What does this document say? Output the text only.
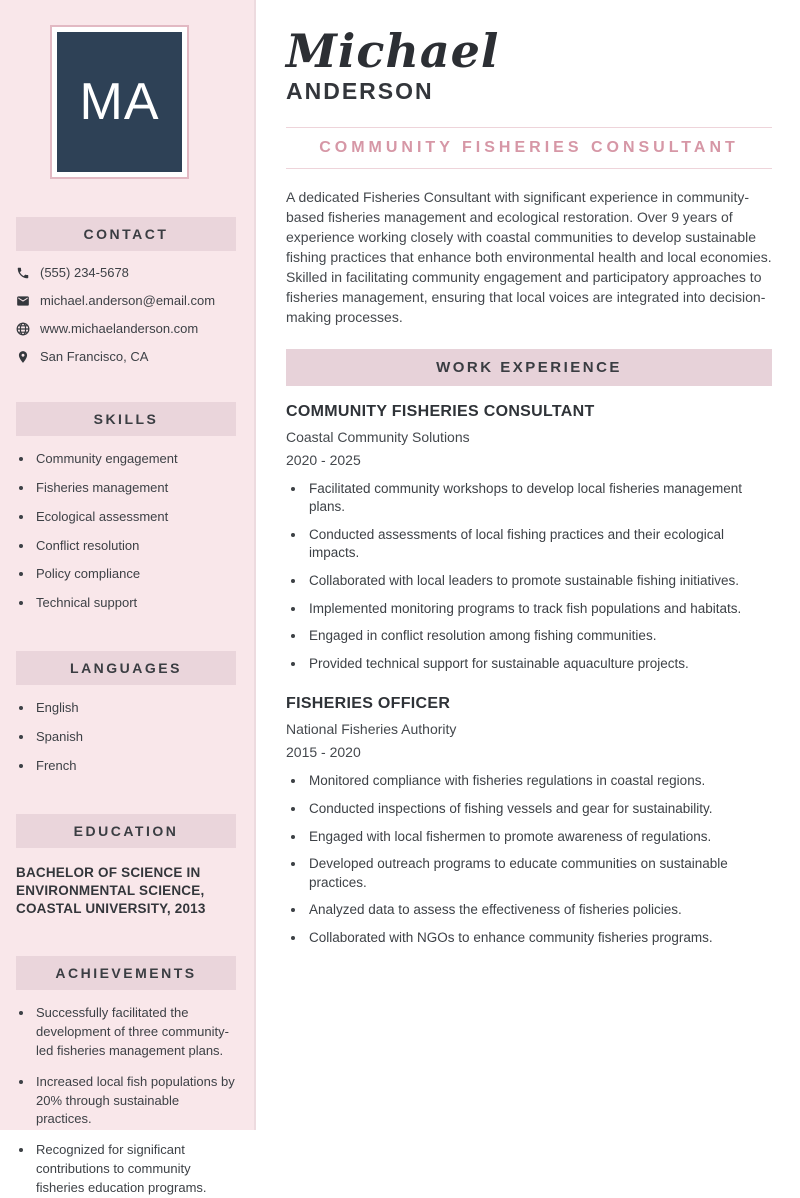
MA
CONTACT
(555) 234-5678
michael.anderson@email.com
www.michaelanderson.com
San Francisco, CA
SKILLS
• Community engagement
• Fisheries management
• Ecological assessment
• Conflict resolution
• Policy compliance
• Technical support
LANGUAGES
• English
• Spanish
• French
EDUCATION
BACHELOR OF SCIENCE IN ENVIRONMENTAL SCIENCE, COASTAL UNIVERSITY, 2013
ACHIEVEMENTS
• Successfully facilitated the development of three community-led fisheries management plans.
• Increased local fish populations by 20% through sustainable practices.
• Recognized for significant contributions to community fisheries education programs.
Michael
ANDERSON
COMMUNITY FISHERIES CONSULTANT

A dedicated Fisheries Consultant with significant experience in community-based fisheries management and ecological restoration. Over 9 years of experience working closely with coastal communities to develop sustainable fishing practices that enhance both environmental health and local economies. Skilled in facilitating community engagement and participatory approaches to fisheries management, ensuring that local voices are integrated into decision-making processes.

WORK EXPERIENCE
COMMUNITY FISHERIES CONSULTANT
Coastal Community Solutions
2020 - 2025
• Facilitated community workshops to develop local fisheries management plans.
• Conducted assessments of local fishing practices and their ecological impacts.
• Collaborated with local leaders to promote sustainable fishing initiatives.
• Implemented monitoring programs to track fish populations and habitats.
• Engaged in conflict resolution among fishing communities.
• Provided technical support for sustainable aquaculture projects.
FISHERIES OFFICER
National Fisheries Authority
2015 - 2020
• Monitored compliance with fisheries regulations in coastal regions.
• Conducted inspections of fishing vessels and gear for sustainability.
• Engaged with local fishermen to promote awareness of regulations.
• Developed outreach programs to educate communities on sustainable practices.
• Analyzed data to assess the effectiveness of fisheries policies.
• Collaborated with NGOs to enhance community fisheries programs.
